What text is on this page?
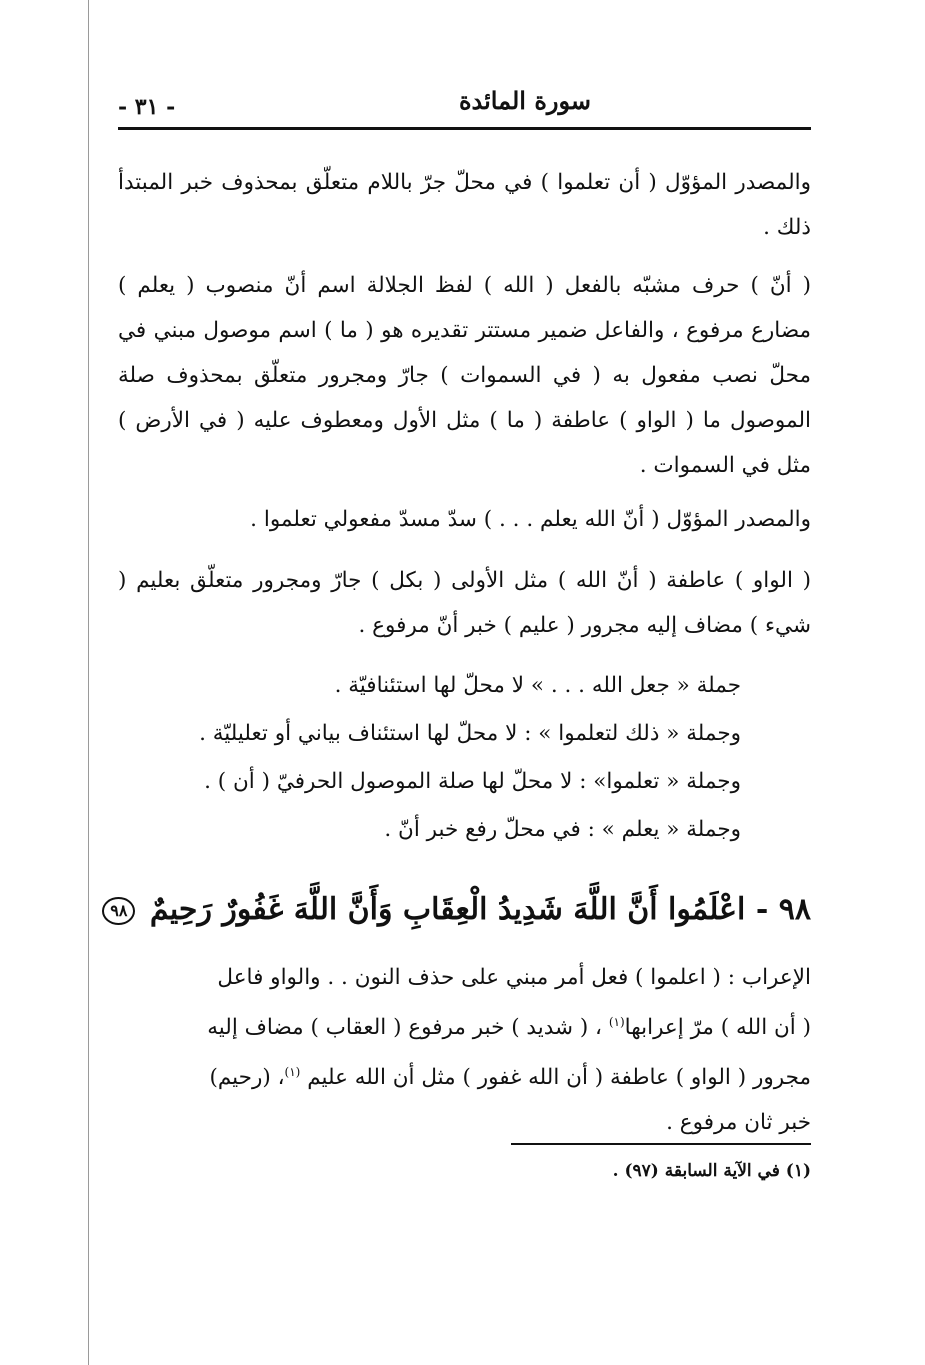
سورة المائدة
- ٣١ -
والمصدر المؤوّل ( أن تعلموا ) في محلّ جرّ باللام متعلّق بمحذوف خبر المبتدأ ذلك .
( أنّ ) حرف مشبّه بالفعل ( الله ) لفظ الجلالة اسم أنّ منصوب ( يعلم ) مضارع مرفوع ، والفاعل ضمير مستتر تقديره هو ( ما ) اسم موصول مبني في محلّ نصب مفعول به ( في السموات ) جارّ ومجرور متعلّق بمحذوف صلة الموصول ما ( الواو ) عاطفة ( ما ) مثل الأول ومعطوف عليه ( في الأرض ) مثل في السموات .
والمصدر المؤوّل ( أنّ الله يعلم . . . ) سدّ مسدّ مفعولي تعلموا .
( الواو ) عاطفة ( أنّ الله ) مثل الأولى ( بكل ) جارّ ومجرور متعلّق بعليم ( شيء ) مضاف إليه مجرور ( عليم ) خبر أنّ مرفوع .
جملة « جعل الله . . . » لا محلّ لها استئنافيّة .
وجملة « ذلك لتعلموا » : لا محلّ لها استئناف بياني أو تعليليّة .
وجملة « تعلموا» : لا محلّ لها صلة الموصول الحرفيّ ( أن ) .
وجملة « يعلم » : في محلّ رفع خبر أنّ .
٩٨ - اعْلَمُوا أَنَّ اللَّهَ شَدِيدُ الْعِقَابِ وَأَنَّ اللَّهَ غَفُورٌ رَحِيمٌ ٩٨
الإعراب : ( اعلموا ) فعل أمر مبني على حذف النون . . والواو فاعل
( أن الله ) مرّ إعرابها$^{(١)}$ ، ( شديد ) خبر مرفوع ( العقاب ) مضاف إليه
مجرور ( الواو ) عاطفة ( أن الله غفور ) مثل أن الله عليم $^{(١)}$، (رحيم)
خبر ثان مرفوع .
(١) في الآية السابقة (٩٧) .
